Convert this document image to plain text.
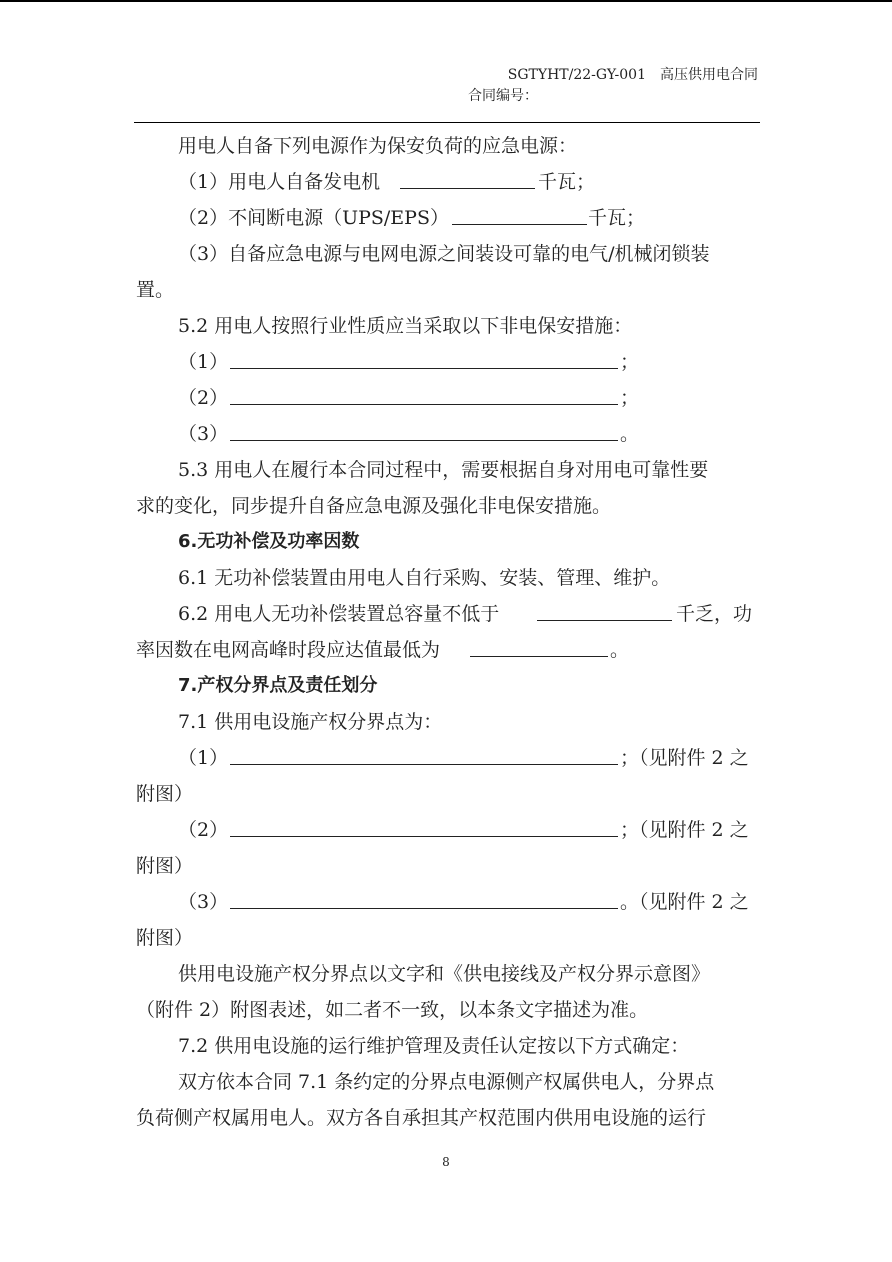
SGTYHT/22-GY-001　高压供用电合同
合同编号：
用电人自备下列电源作为保安负荷的应急电源：
（1）用电人自备发电机	千瓦；
（2）不间断电源（UPS/EPS）	千瓦；
（3）自备应急电源与电网电源之间装设可靠的电气/机械闭锁装
置。
5.2 用电人按照行业性质应当采取以下非电保安措施：
（1）	；
（2）	；
（3）	。
5.3 用电人在履行本合同过程中，需要根据自身对用电可靠性要
求的变化，同步提升自备应急电源及强化非电保安措施。
6.无功补偿及功率因数
6.1 无功补偿装置由用电人自行采购、安装、管理、维护。
6.2 用电人无功补偿装置总容量不低于	千乏，功
率因数在电网高峰时段应达值最低为	。
7.产权分界点及责任划分
7.1 供用电设施产权分界点为：
（1）	；（见附件 2 之
附图）
（2）	；（见附件 2 之
附图）
（3）	。（见附件 2 之
附图）
供用电设施产权分界点以文字和《供电接线及产权分界示意图》
（附件 2）附图表述，如二者不一致，以本条文字描述为准。
7.2 供用电设施的运行维护管理及责任认定按以下方式确定：
双方依本合同 7.1 条约定的分界点电源侧产权属供电人，分界点
负荷侧产权属用电人。双方各自承担其产权范围内供用电设施的运行
8
